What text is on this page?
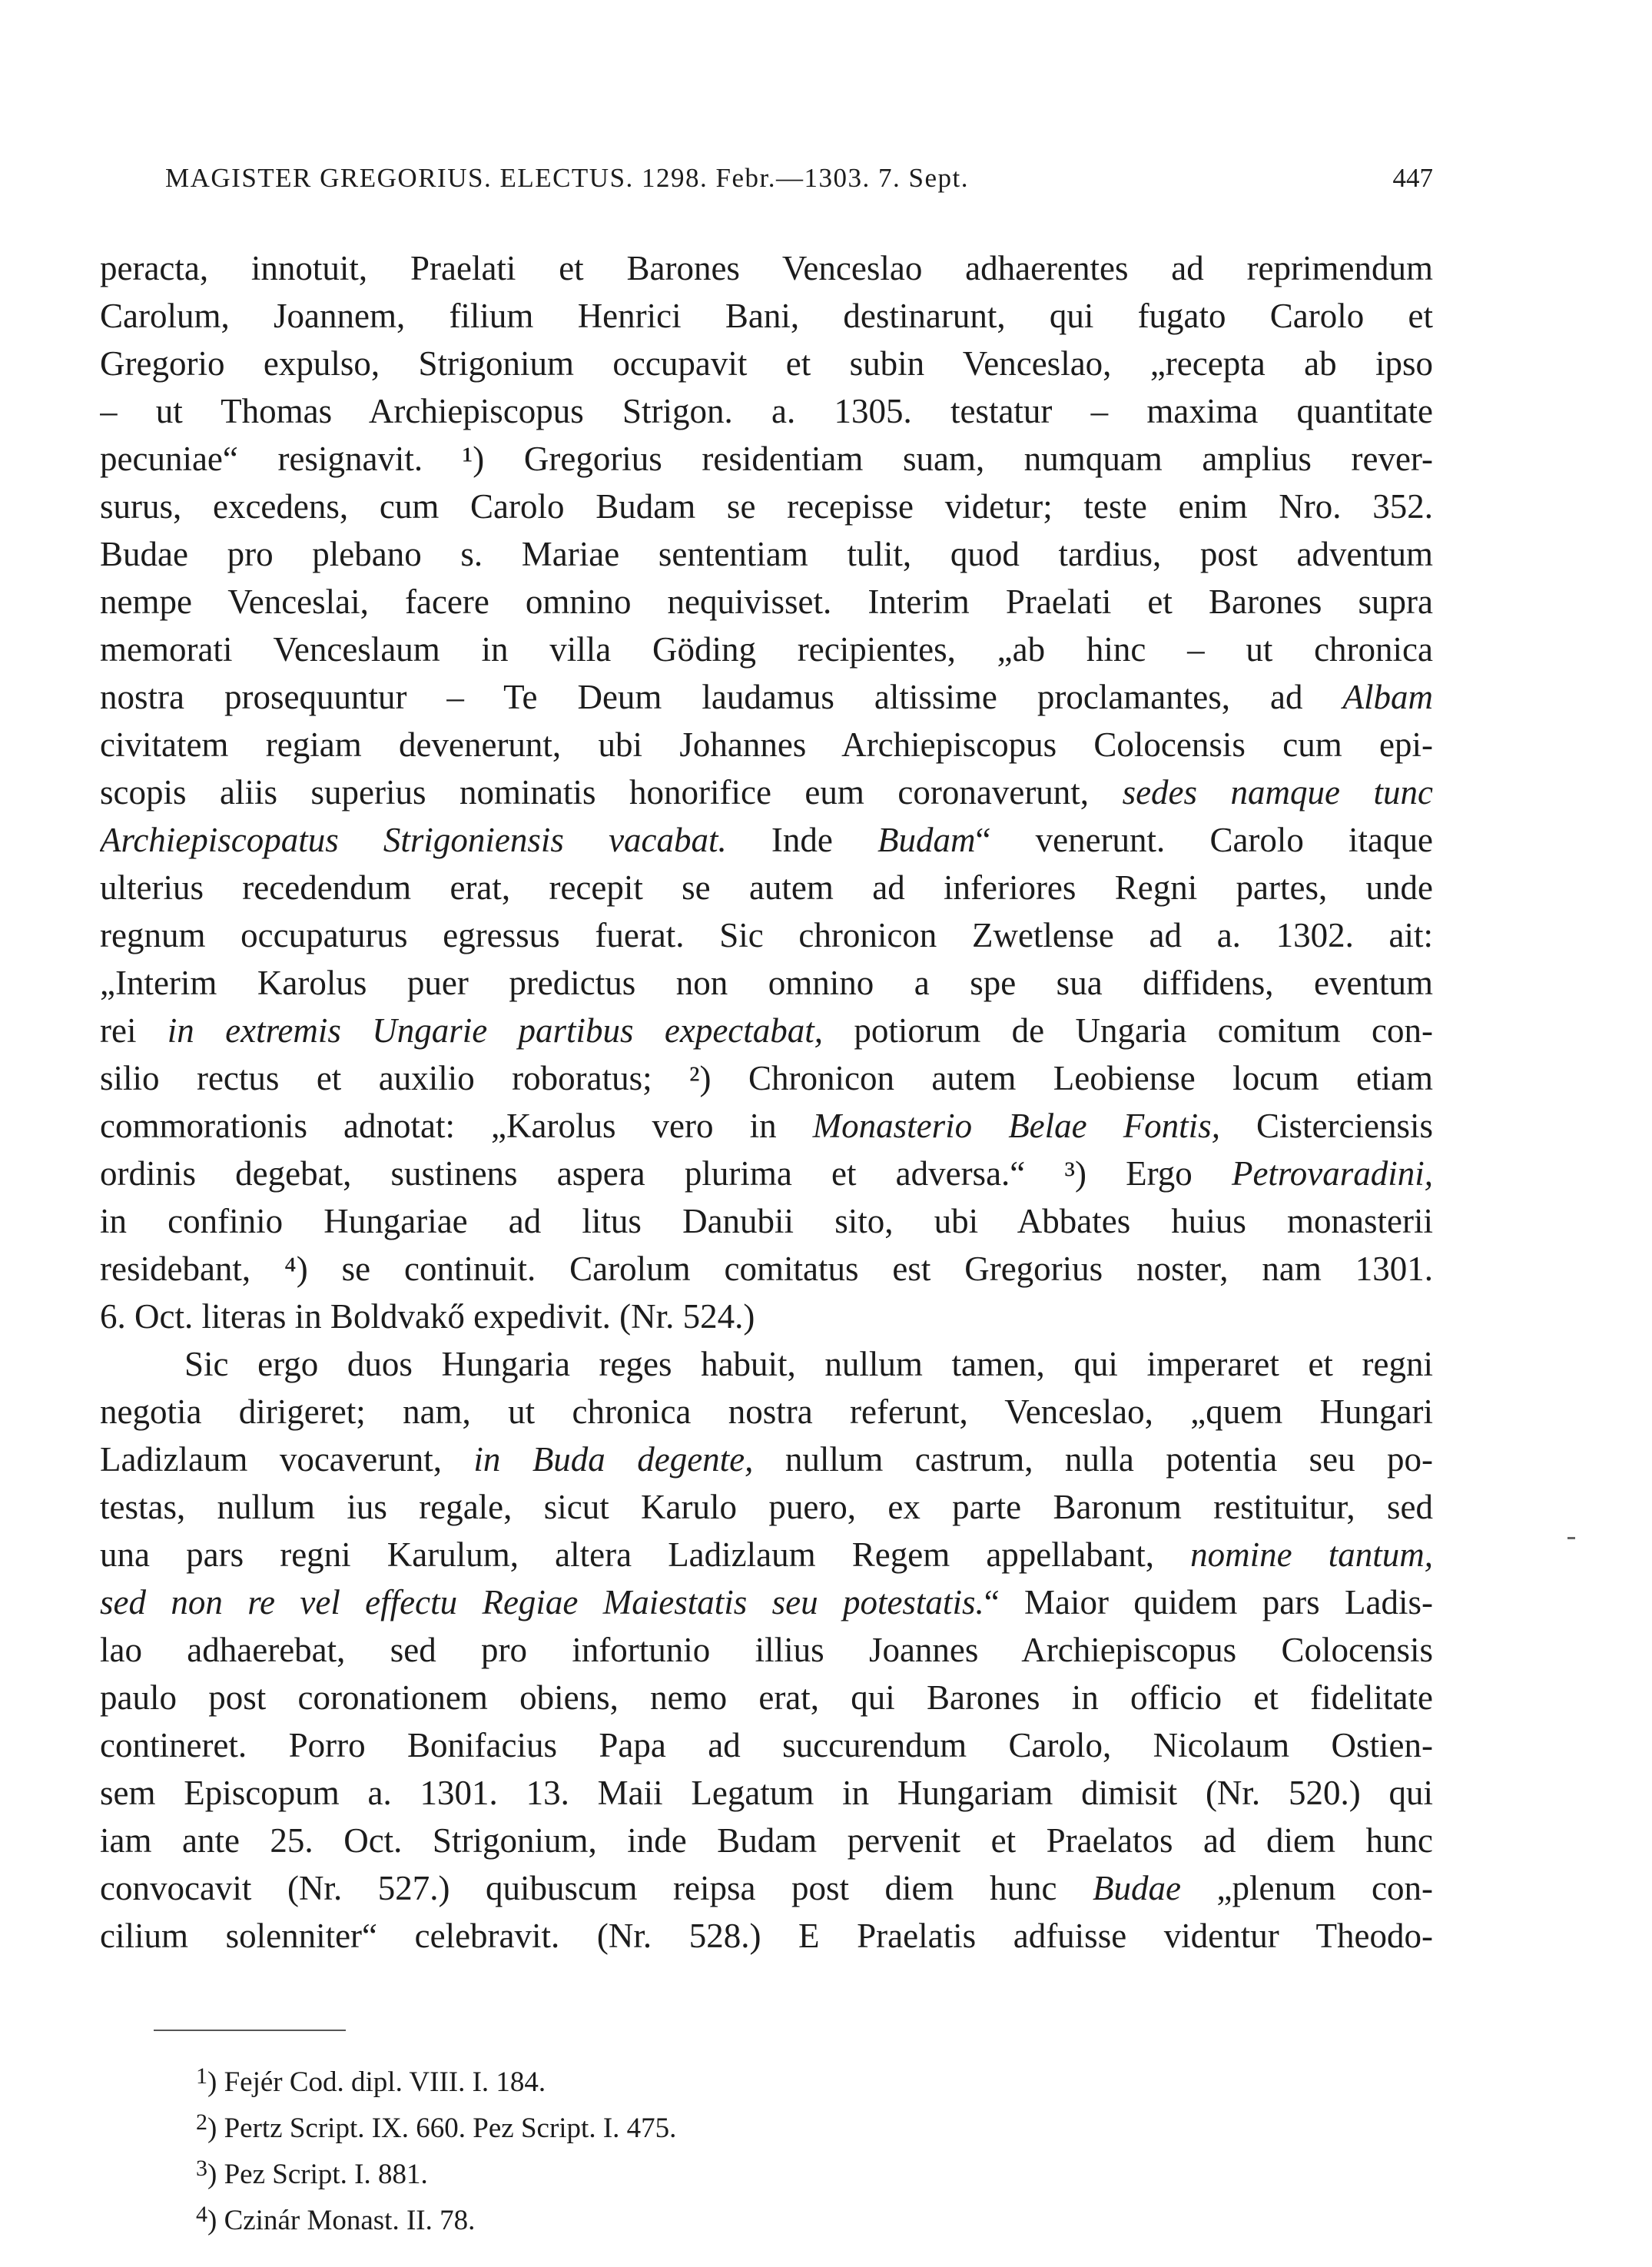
MAGISTER GREGORIUS. ELECTUS. 1298. Febr.—1303. 7. Sept.	447
peracta, innotuit, Praelati et Barones Venceslao adhaerentes ad reprimendum
Carolum, Joannem, filium Henrici Bani, destinarunt, qui fugato Carolo et
Gregorio expulso, Strigonium occupavit et subin Venceslao, „recepta ab ipso
– ut Thomas Archiepiscopus Strigon. a. 1305. testatur – maxima quantitate
pecuniae“ resignavit. ¹) Gregorius residentiam suam, numquam amplius rever-
surus, excedens, cum Carolo Budam se recepisse videtur; teste enim Nro. 352.
Budae pro plebano s. Mariae sententiam tulit, quod tardius, post adventum
nempe Venceslai, facere omnino nequivisset. Interim Praelati et Barones supra
memorati Venceslaum in villa Göding recipientes, „ab hinc – ut chronica
nostra prosequuntur – Te Deum laudamus altissime proclamantes, ad Albam
civitatem regiam devenerunt, ubi Johannes Archiepiscopus Colocensis cum epi-
scopis aliis superius nominatis honorifice eum coronaverunt, sedes namque tunc
Archiepiscopatus Strigoniensis vacabat. Inde Budam“ venerunt. Carolo itaque
ulterius recedendum erat, recepit se autem ad inferiores Regni partes, unde
regnum occupaturus egressus fuerat. Sic chronicon Zwetlense ad a. 1302. ait:
„Interim Karolus puer predictus non omnino a spe sua diffidens, eventum
rei in extremis Ungarie partibus expectabat, potiorum de Ungaria comitum con-
silio rectus et auxilio roboratus; ²) Chronicon autem Leobiense locum etiam
commorationis adnotat: „Karolus vero in Monasterio Belae Fontis, Cisterciensis
ordinis degebat, sustinens aspera plurima et adversa.“ ³) Ergo Petrovaradini,
in confinio Hungariae ad litus Danubii sito, ubi Abbates huius monasterii
residebant, ⁴) se continuit. Carolum comitatus est Gregorius noster, nam 1301.
6. Oct. literas in Boldvakő expedivit. (Nr. 524.)
Sic ergo duos Hungaria reges habuit, nullum tamen, qui imperaret et regni
negotia dirigeret; nam, ut chronica nostra referunt, Venceslao, „quem Hungari
Ladizlaum vocaverunt, in Buda degente, nullum castrum, nulla potentia seu po-
testas, nullum ius regale, sicut Karulo puero, ex parte Baronum restituitur, sed
una pars regni Karulum, altera Ladizlaum Regem appellabant, nomine tantum,
sed non re vel effectu Regiae Maiestatis seu potestatis.“ Maior quidem pars Ladis-
lao adhaerebat, sed pro infortunio illius Joannes Archiepiscopus Colocensis
paulo post coronationem obiens, nemo erat, qui Barones in officio et fidelitate
contineret. Porro Bonifacius Papa ad succurendum Carolo, Nicolaum Ostien-
sem Episcopum a. 1301. 13. Maii Legatum in Hungariam dimisit (Nr. 520.) qui
iam ante 25. Oct. Strigonium, inde Budam pervenit et Praelatos ad diem hunc
convocavit (Nr. 527.) quibuscum reipsa post diem hunc Budae „plenum con-
cilium solenniter“ celebravit. (Nr. 528.) E Praelatis adfuisse videntur Theodo-
$^1$) Fejér Cod. dipl. VIII. I. 184.
$^2$) Pertz Script. IX. 660. Pez Script. I. 475.
$^3$) Pez Script. I. 881.
$^4$) Czinár Monast. II. 78.
